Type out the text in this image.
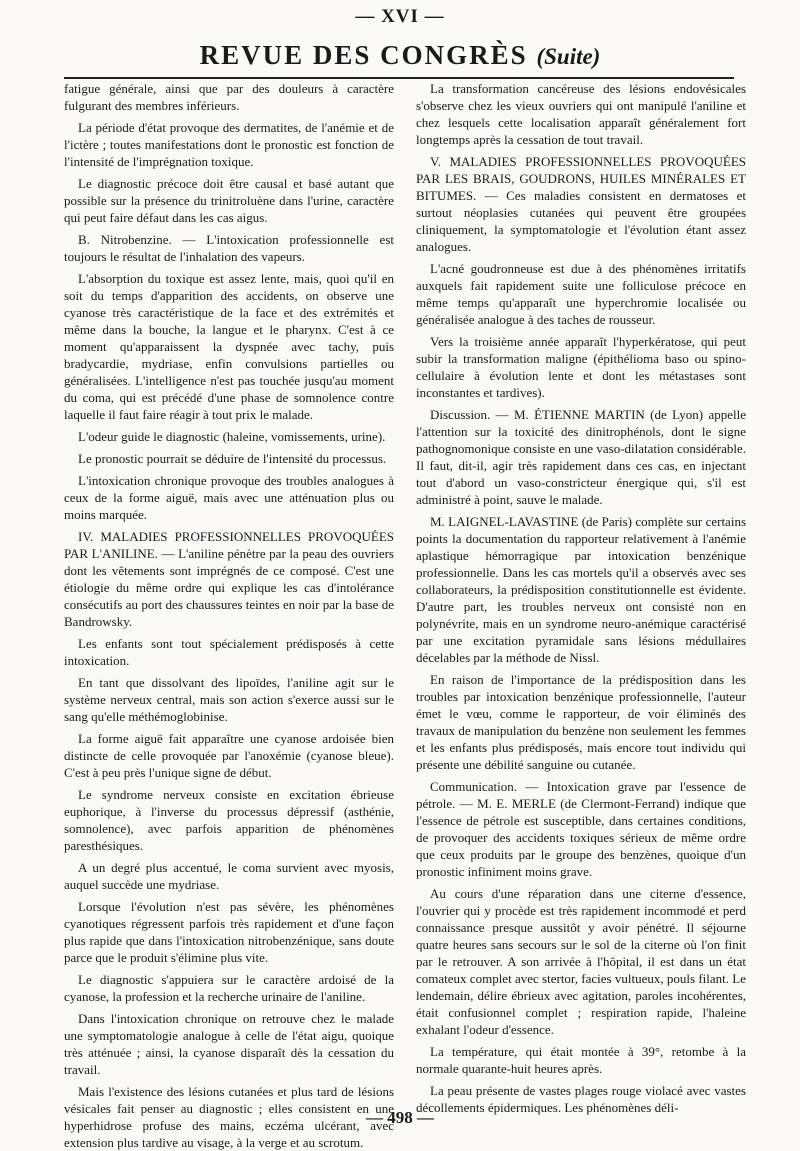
— XVI —
REVUE DES CONGRÈS (Suite)

fatigue générale, ainsi que par des douleurs à caractère fulgurant des membres inférieurs.

La période d'état provoque des dermatites, de l'anémie et de l'ictère ; toutes manifestations dont le pronostic est fonction de l'intensité de l'imprégnation toxique.

Le diagnostic précoce doit être causal et basé autant que possible sur la présence du trinitroluène dans l'urine, caractère qui peut faire défaut dans les cas aigus.

B. Nitrobenzine. — L'intoxication professionnelle est toujours le résultat de l'inhalation des vapeurs.

L'absorption du toxique est assez lente, mais, quoi qu'il en soit du temps d'apparition des accidents, on observe une cyanose très caractéristique de la face et des extrémités et même dans la bouche, la langue et le pharynx. C'est à ce moment qu'apparaissent la dyspnée avec tachy, puis bradycardie, mydriase, enfin convulsions partielles ou généralisées. L'intelligence n'est pas touchée jusqu'au moment du coma, qui est précédé d'une phase de somnolence contre laquelle il faut faire réagir à tout prix le malade.

L'odeur guide le diagnostic (haleine, vomissements, urine).

Le pronostic pourrait se déduire de l'intensité du processus.

L'intoxication chronique provoque des troubles analogues à ceux de la forme aiguë, mais avec une atténuation plus ou moins marquée.

IV. MALADIES PROFESSIONNELLES PROVOQUÉES PAR L'ANILINE. — L'aniline pénètre par la peau des ouvriers dont les vêtements sont imprégnés de ce composé. C'est une étiologie du même ordre qui explique les cas d'intolérance consécutifs au port des chaussures teintes en noir par la base de Bandrowsky.

Les enfants sont tout spécialement prédisposés à cette intoxication.

En tant que dissolvant des lipoïdes, l'aniline agit sur le système nerveux central, mais son action s'exerce aussi sur le sang qu'elle méthémoglobinise.

La forme aiguë fait apparaître une cyanose ardoisée bien distincte de celle provoquée par l'anoxémie (cyanose bleue). C'est à peu près l'unique signe de début.

Le syndrome nerveux consiste en excitation ébrieuse euphorique, à l'inverse du processus dépressif (asthénie, somnolence), avec parfois apparition de phénomènes paresthésiques.

A un degré plus accentué, le coma survient avec myosis, auquel succède une mydriase.

Lorsque l'évolution n'est pas sévère, les phénomènes cyanotiques régressent parfois très rapidement et d'une façon plus rapide que dans l'intoxication nitrobenzénique, sans doute parce que le produit s'élimine plus vite.

Le diagnostic s'appuiera sur le caractère ardoisé de la cyanose, la profession et la recherche urinaire de l'aniline.

Dans l'intoxication chronique on retrouve chez le malade une symptomatologie analogue à celle de l'état aigu, quoique très atténuée ; ainsi, la cyanose disparaît dès la cessation du travail.

Mais l'existence des lésions cutanées et plus tard de lésions vésicales fait penser au diagnostic ; elles consistent en une hyperhidrose profuse des mains, eczéma ulcérant, avec extension plus tardive au visage, à la verge et au scrotum.

La transformation cancéreuse des lésions endovésicales s'observe chez les vieux ouvriers qui ont manipulé l'aniline et chez lesquels cette localisation apparaît généralement fort longtemps après la cessation de tout travail.

V. MALADIES PROFESSIONNELLES PROVOQUÉES PAR LES BRAIS, GOUDRONS, HUILES MINÉRALES ET BITUMES. — Ces maladies consistent en dermatoses et surtout néoplasies cutanées qui peuvent être groupées cliniquement, la symptomatologie et l'évolution étant assez analogues.

L'acné goudronneuse est due à des phénomènes irritatifs auxquels fait rapidement suite une folliculose précoce en même temps qu'apparaît une hyperchromie localisée ou généralisée analogue à des taches de rousseur.

Vers la troisième année apparaît l'hyperkératose, qui peut subir la transformation maligne (épithélioma baso ou spino-cellulaire à évolution lente et dont les métastases sont inconstantes et tardives).

Discussion. — M. ÉTIENNE MARTIN (de Lyon) appelle l'attention sur la toxicité des dinitrophénols, dont le signe pathognomonique consiste en une vaso-dilatation considérable. Il faut, dit-il, agir très rapidement dans ces cas, en injectant tout d'abord un vaso-constricteur énergique qui, s'il est administré à point, sauve le malade.

M. LAIGNEL-LAVASTINE (de Paris) complète sur certains points la documentation du rapporteur relativement à l'anémie aplastique hémorragique par intoxication benzénique professionnelle. Dans les cas mortels qu'il a observés avec ses collaborateurs, la prédisposition constitutionnelle est évidente. D'autre part, les troubles nerveux ont consisté non en polynévrite, mais en un syndrome neuro-anémique caractérisé par une excitation pyramidale sans lésions médullaires décelables par la méthode de Nissl.

En raison de l'importance de la prédisposition dans les troubles par intoxication benzénique professionnelle, l'auteur émet le vœu, comme le rapporteur, de voir éliminés des travaux de manipulation du benzène non seulement les femmes et les enfants plus prédisposés, mais encore tout individu qui présente une débilité sanguine ou cutanée.

Communication. — Intoxication grave par l'essence de pétrole. — M. E. MERLE (de Clermont-Ferrand) indique que l'essence de pétrole est susceptible, dans certaines conditions, de provoquer des accidents toxiques sérieux de même ordre que ceux produits par le groupe des benzènes, quoique d'un pronostic infiniment moins grave.

Au cours d'une réparation dans une citerne d'essence, l'ouvrier qui y procède est très rapidement incommodé et perd connaissance presque aussitôt y avoir pénétré. Il séjourne quatre heures sans secours sur le sol de la citerne où l'on finit par le retrouver. A son arrivée à l'hôpital, il est dans un état comateux complet avec stertor, facies vultueux, pouls filant. Le lendemain, délire ébrieux avec agitation, paroles incohérentes, était confusionnel complet ; respiration rapide, l'haleine exhalant l'odeur d'essence.

La température, qui était montée à 39°, retombe à la normale quarante-huit heures après.

La peau présente de vastes plages rouge violacé avec vastes décollements épidermiques. Les phénomènes déli-

— 498 —
